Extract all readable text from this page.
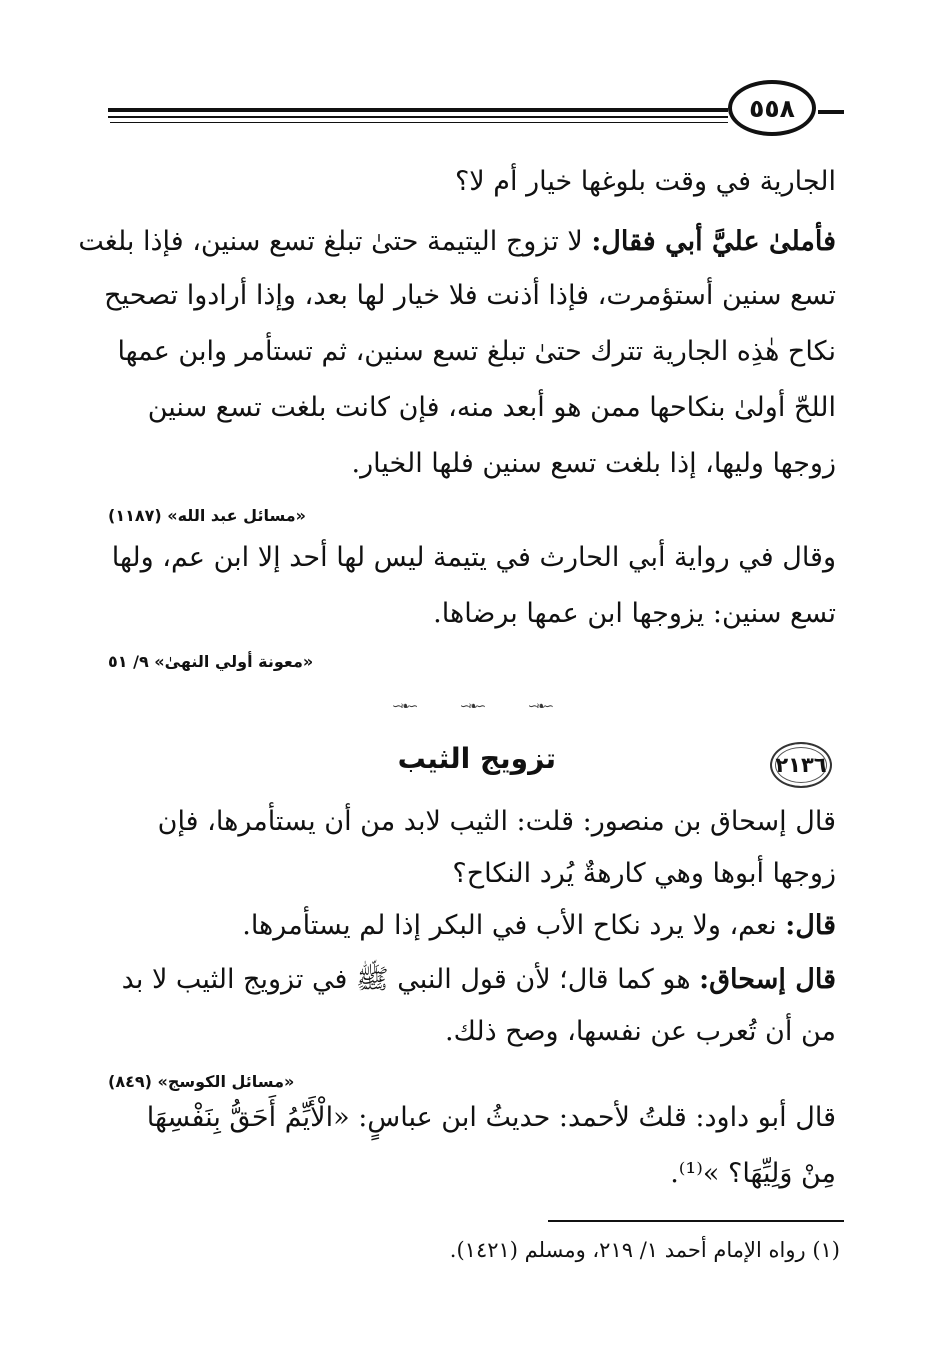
٥٥٨
الجارية في وقت بلوغها خيار أم لا؟
فأملىٰ عليَّ أبي فقال: لا تزوج اليتيمة حتىٰ تبلغ تسع سنين، فإذا بلغت
تسع سنين أستؤمرت، فإذا أذنت فلا خيار لها بعد، وإذا أرادوا تصحيح
نكاح هٰذِه الجارية تترك حتىٰ تبلغ تسع سنين، ثم تستأمر وابن عمها
اللحّ أولىٰ بنكاحها ممن هو أبعد منه، فإن كانت بلغت تسع سنين
زوجها وليها، إذا بلغت تسع سنين فلها الخيار.
«مسائل عبد الله» (١١٨٧)
وقال في رواية أبي الحارث في يتيمة ليس لها أحد إلا ابن عم، ولها
تسع سنين: يزوجها ابن عمها برضاها.
«معونة أولي النهىٰ» ٩/ ٥١
∽❧∽	∽❧∽	∽❧∽
٢١٣٦
تزويج الثيب
قال إسحاق بن منصور: قلت: الثيب لابد من أن يستأمرها، فإن
زوجها أبوها وهي كارهةٌ يُرد النكاح؟
قال: نعم، ولا يرد نكاح الأب في البكر إذا لم يستأمرها.
قال إسحاق: هو كما قال؛ لأن قول النبي ﷺ في تزويج الثيب لا بد
من أن تُعرب عن نفسها، وصح ذلك.
«مسائل الكوسج» (٨٤٩)
قال أبو داود: قلتُ لأحمد: حديثُ ابن عباسٍ: «الْأَيِّمُ أَحَقُّ بِنَفْسِهَا
مِنْ وَلِيِّهَا؟ »⁽¹⁾.
(١) رواه الإمام أحمد ١/ ٢١٩، ومسلم (١٤٢١).
